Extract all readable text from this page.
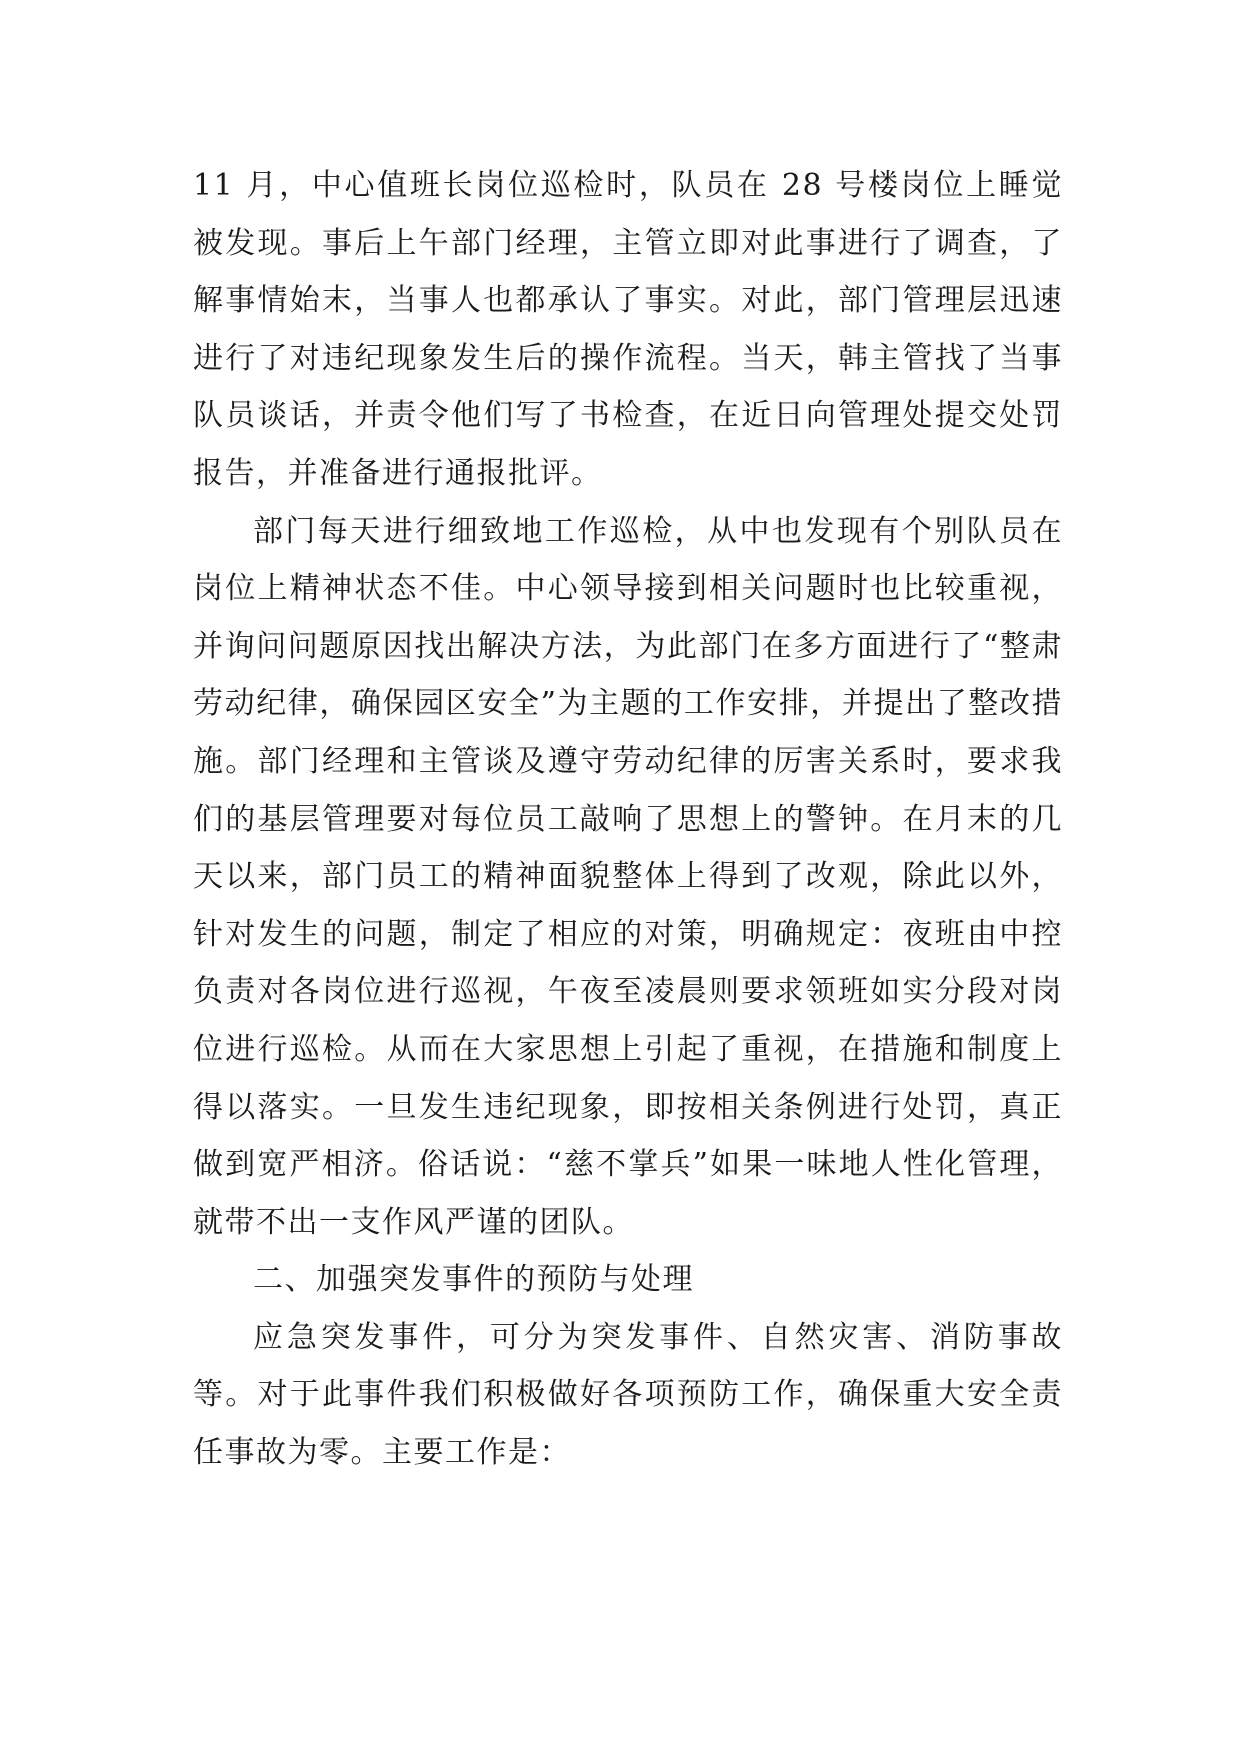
11 月，中心值班长岗位巡检时，队员在 28 号楼岗位上睡觉被发现。事后上午部门经理，主管立即对此事进行了调查，了解事情始末，当事人也都承认了事实。对此，部门管理层迅速进行了对违纪现象发生后的操作流程。当天，韩主管找了当事队员谈话，并责令他们写了书检查，在近日向管理处提交处罚报告，并准备进行通报批评。

部门每天进行细致地工作巡检，从中也发现有个别队员在岗位上精神状态不佳。中心领导接到相关问题时也比较重视，并询问问题原因找出解决方法，为此部门在多方面进行了“整肃劳动纪律，确保园区安全”为主题的工作安排，并提出了整改措施。部门经理和主管谈及遵守劳动纪律的厉害关系时，要求我们的基层管理要对每位员工敲响了思想上的警钟。在月末的几天以来，部门员工的精神面貌整体上得到了改观，除此以外，针对发生的问题，制定了相应的对策，明确规定：夜班由中控负责对各岗位进行巡视，午夜至凌晨则要求领班如实分段对岗位进行巡检。从而在大家思想上引起了重视，在措施和制度上得以落实。一旦发生违纪现象，即按相关条例进行处罚，真正做到宽严相济。俗话说：“慈不掌兵”如果一味地人性化管理，就带不出一支作风严谨的团队。

二、加强突发事件的预防与处理

应急突发事件，可分为突发事件、自然灾害、消防事故等。对于此事件我们积极做好各项预防工作，确保重大安全责任事故为零。主要工作是：
